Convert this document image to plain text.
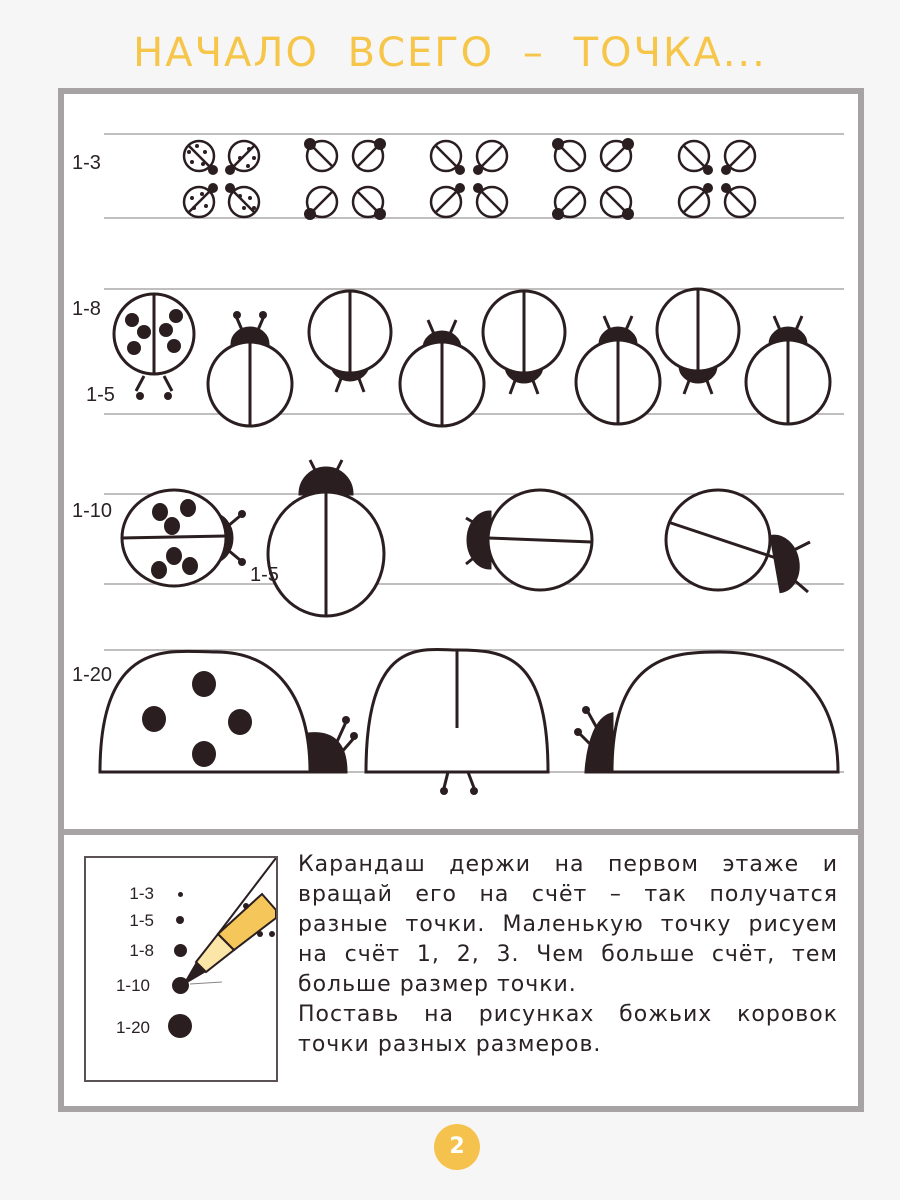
НАЧАЛО ВСЕГО – ТОЧКА...
1-3
1-8
1-5
1-10
1-5
1-20
1-3
1-5
1-8
1-10
1-20

Карандаш держи на первом этаже и вращай его на счёт – так получатся разные точки. Маленькую точку рисуем на счёт 1, 2, 3. Чем больше счёт, тем больше размер точки.

Поставь на рисунках божьих коровок точки разных размеров.

2
